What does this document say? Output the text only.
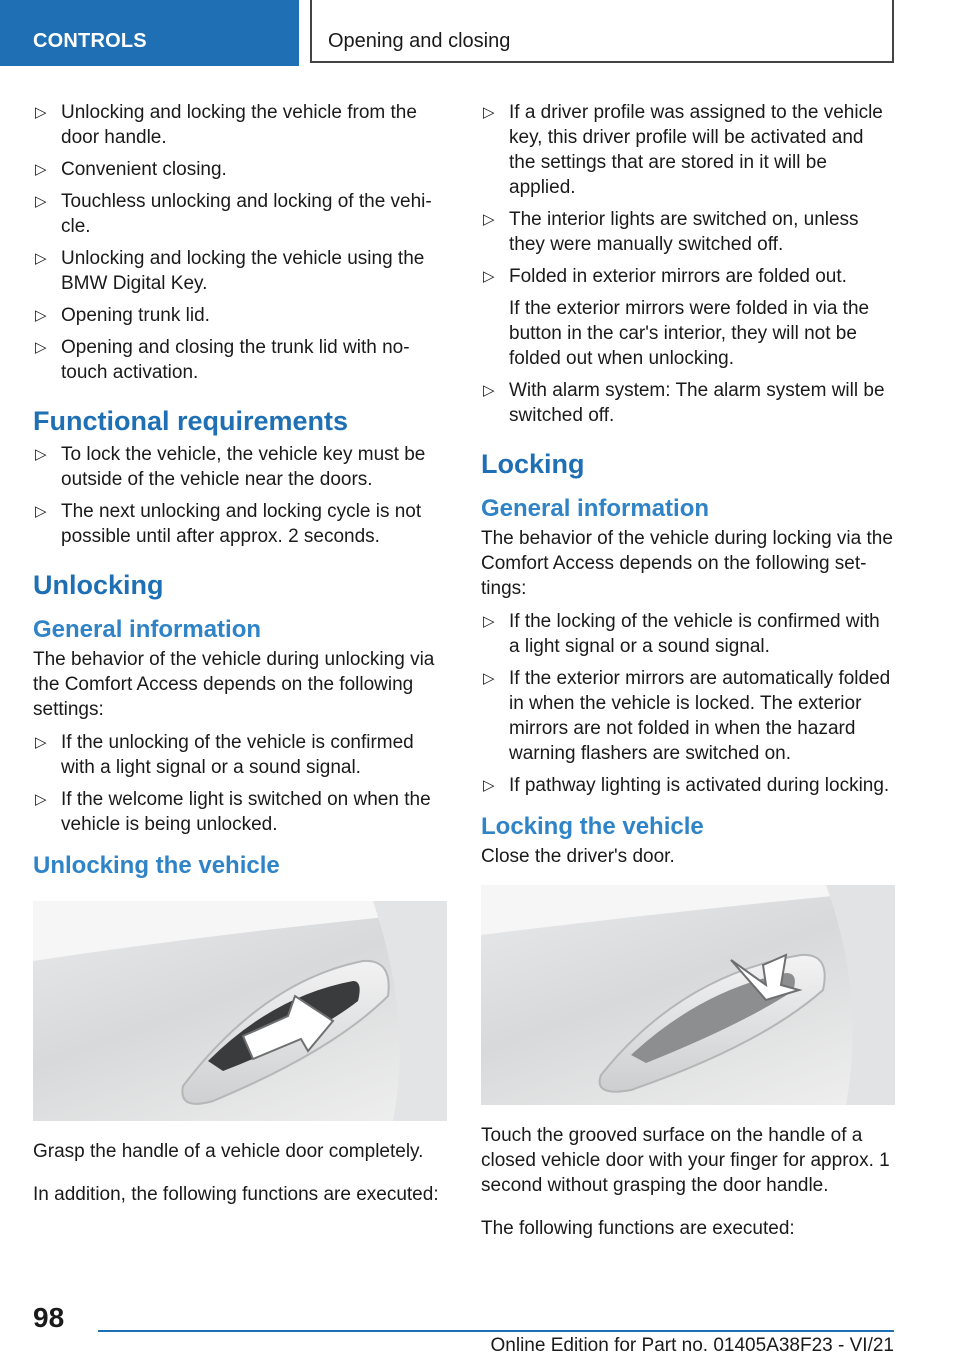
CONTROLS	Opening and closing
▷ Unlocking and locking the vehicle from the door handle.
▷ Convenient closing.
▷ Touchless unlocking and locking of the vehi‐cle.
▷ Unlocking and locking the vehicle using the BMW Digital Key.
▷ Opening trunk lid.
▷ Opening and closing the trunk lid with no-touch activation.
Functional requirements
▷ To lock the vehicle, the vehicle key must be outside of the vehicle near the doors.
▷ The next unlocking and locking cycle is not possible until after approx. 2 seconds.
Unlocking
General information

The behavior of the vehicle during unlocking via the Comfort Access depends on the following settings:

▷ If the unlocking of the vehicle is confirmed with a light signal or a sound signal.
▷ If the welcome light is switched on when the vehicle is being unlocked.
Unlocking the vehicle

Grasp the handle of a vehicle door completely.

In addition, the following functions are executed:

▷ If a driver profile was assigned to the vehicle key, this driver profile will be activated and the settings that are stored in it will be applied.
▷ The interior lights are switched on, unless they were manually switched off.
▷ Folded in exterior mirrors are folded out.

If the exterior mirrors were folded in via the button in the car's interior, they will not be folded out when unlocking.

▷ With alarm system: The alarm system will be switched off.
Locking
General information

The behavior of the vehicle during locking via the Comfort Access depends on the following set‐tings:

▷ If the locking of the vehicle is confirmed with a light signal or a sound signal.
▷ If the exterior mirrors are automatically folded in when the vehicle is locked. The exterior mirrors are not folded in when the hazard warning flashers are switched on.
▷ If pathway lighting is activated during locking.
Locking the vehicle

Close the driver's door.

Touch the grooved surface on the handle of a closed vehicle door with your finger for approx. 1 second without grasping the door handle.

The following functions are executed:

98
Online Edition for Part no. 01405A38F23 - VI/21
